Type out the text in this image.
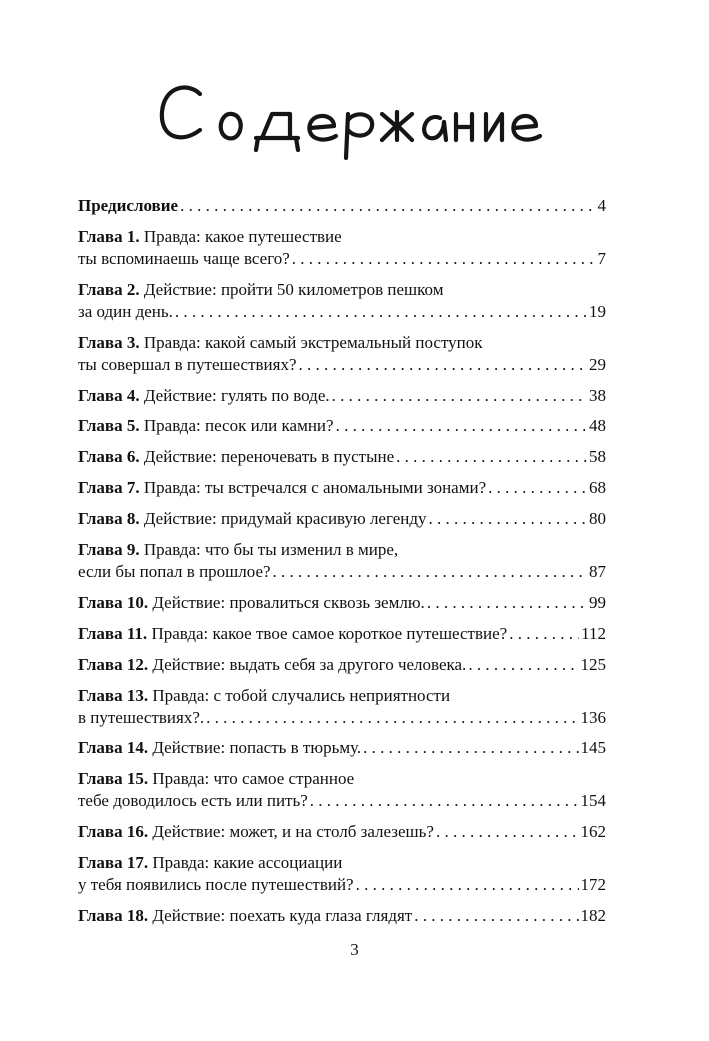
Предисловие . . .	4
Глава 1. Правда: какое путешествие
ты вспоминаешь чаще всего? . . .	7
Глава 2. Действие: пройти 50 километров пешком
за один день. . . .	19
Глава 3. Правда: какой самый экстремальный поступок
ты совершал в путешествиях? . . .	29
Глава 4. Действие: гулять по воде. . . .	38
Глава 5. Правда: песок или камни? . . .	48
Глава 6. Действие: переночевать в пустыне . . .	58
Глава 7. Правда: ты встречался с аномальными зонами? . . .	68
Глава 8. Действие: придумай красивую легенду . . .	80
Глава 9. Правда: что бы ты изменил в мире,
если бы попал в прошлое? . . .	87
Глава 10. Действие: провалиться сквозь землю. . . .	99
Глава 11. Правда: какое твое самое короткое путешествие? . . .	112
Глава 12. Действие: выдать себя за другого человека. . . .	125
Глава 13. Правда: с тобой случались неприятности
в путешествиях?. . . .	136
Глава 14. Действие: попасть в тюрьму. . . .	145
Глава 15. Правда: что самое странное
тебе доводилось есть или пить? . . .	154
Глава 16. Действие: может, и на столб залезешь? . . .	162
Глава 17. Правда: какие ассоциации
у тебя появились после путешествий? . . .	172
Глава 18. Действие: поехать куда глаза глядят . . .	182
3
